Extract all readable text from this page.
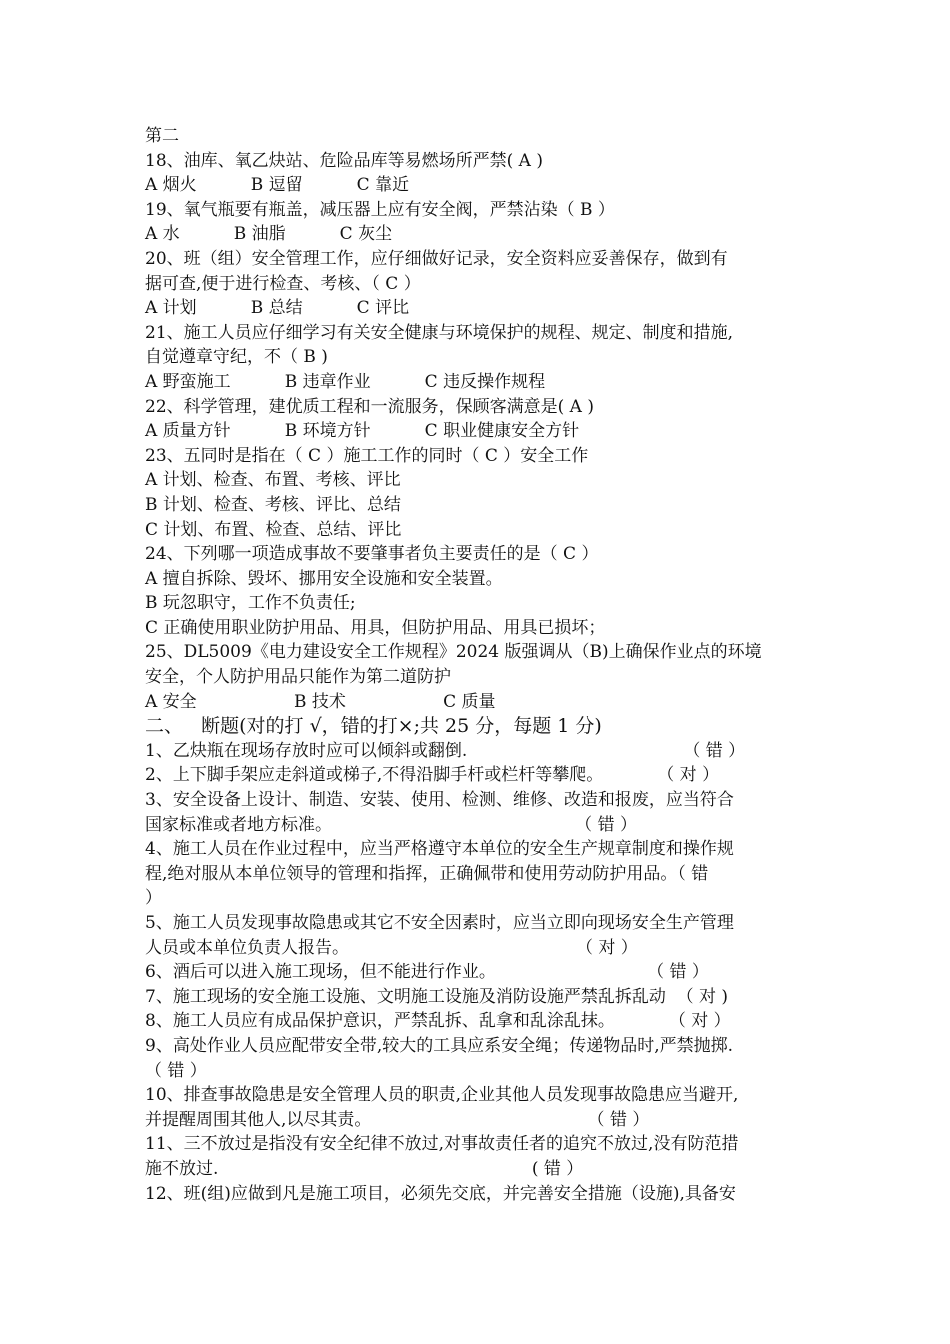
第二
18、油库、氧乙炔站、危险品库等易燃场所严禁( A )
A 烟火          B 逗留          C 靠近
19、氧气瓶要有瓶盖，减压器上应有安全阀，严禁沾染（ B ）
A 水          B 油脂          C 灰尘
20、班（组）安全管理工作，应仔细做好记录，安全资料应妥善保存，做到有
据可查,便于进行检查、考核、（ C ）
A 计划          B 总结          C 评比
21、施工人员应仔细学习有关安全健康与环境保护的规程、规定、制度和措施,
自觉遵章守纪，不（ B )
A 野蛮施工          B 违章作业          C 违反操作规程
22、科学管理，建优质工程和一流服务，保顾客满意是( A )
A 质量方针          B 环境方针          C 职业健康安全方针
23、五同时是指在（ C ）施工工作的同时（ C ）安全工作
A 计划、检查、布置、考核、评比
B 计划、检查、考核、评比、总结
C 计划、布置、检查、总结、评比
24、下列哪一项造成事故不要肇事者负主要责任的是（ C ）
A 擅自拆除、毁坏、挪用安全设施和安全装置。
B 玩忽职守，工作不负责任;
C 正确使用职业防护用品、用具，但防护用品、用具已损坏；
25、DL5009《电力建设安全工作规程》2024 版强调从（B)上确保作业点的环境
安全，个人防护用品只能作为第二道防护
A 安全                  B 技术                  C 质量
二、   断题(对的打 √，错的打×;共 25 分，每题 1 分)
1、乙炔瓶在现场存放时应可以倾斜或翻倒.                                        （ 错 ）
2、上下脚手架应走斜道或梯子,不得沿脚手杆或栏杆等攀爬。          （ 对 ）
3、安全设备上设计、制造、安装、使用、检测、维修、改造和报废，应当符合
国家标准或者地方标准。                                             （ 错 ）
4、施工人员在作业过程中，应当严格遵守本单位的安全生产规章制度和操作规
程,绝对服从本单位领导的管理和指挥，正确佩带和使用劳动防护用品。（ 错
）
5、施工人员发现事故隐患或其它不安全因素时，应当立即向现场安全生产管理
人员或本单位负责人报告。                                          （ 对 ）
6、酒后可以进入施工现场，但不能进行作业。                            （ 错 ）
7、施工现场的安全施工设施、文明施工设施及消防设施严禁乱拆乱动  （ 对 )
8、施工人员应有成品保护意识，严禁乱拆、乱拿和乱涂乱抹。          （ 对 ）
9、高处作业人员应配带安全带,较大的工具应系安全绳；传递物品时,严禁抛掷.
（ 错 ）
10、排查事故隐患是安全管理人员的职责,企业其他人员发现事故隐患应当避开,
并提醒周围其他人,以尽其责。                                        （ 错 ）
11、三不放过是指没有安全纪律不放过,对事故责任者的追究不放过,没有防范措
施不放过.                                                          ( 错 ）
12、班(组)应做到凡是施工项目，必须先交底，并完善安全措施（设施),具备安
